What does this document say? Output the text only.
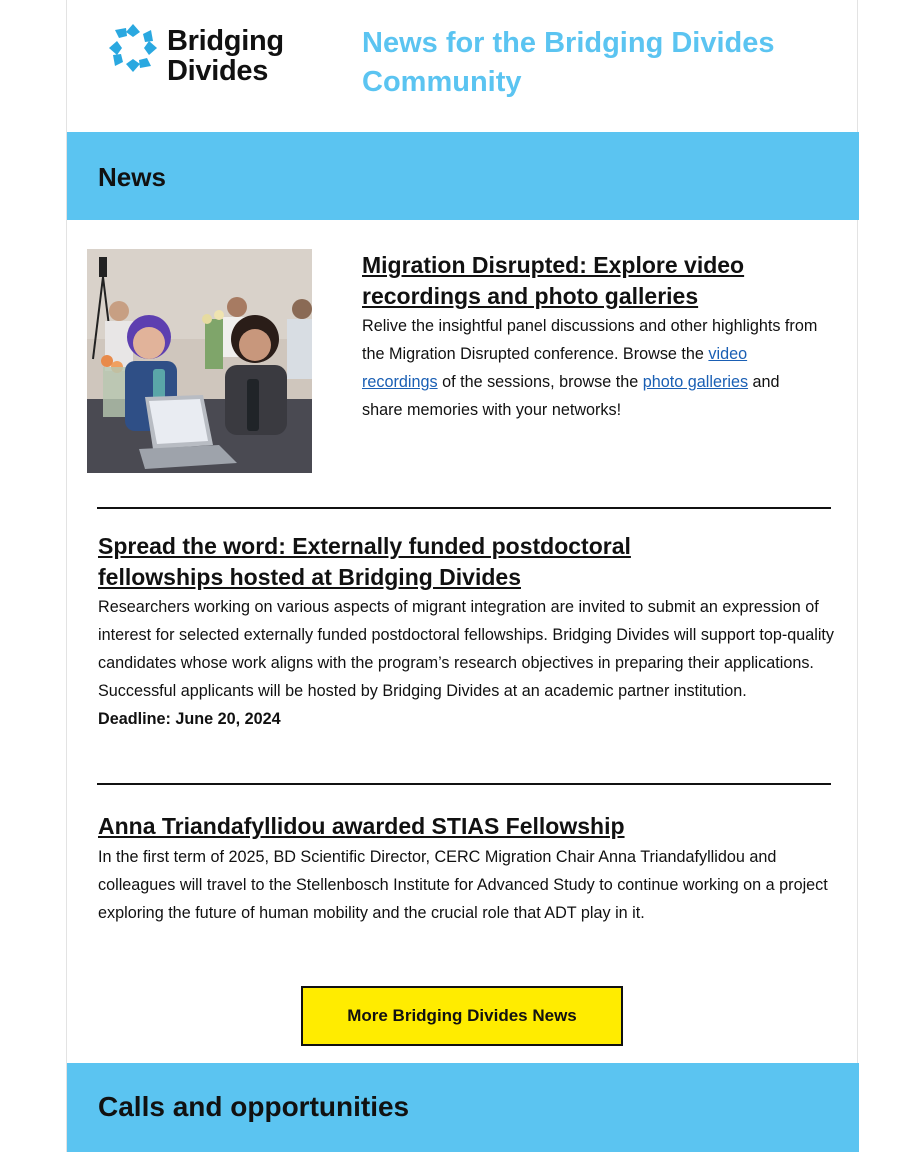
Bridging
Divides
News for the Bridging Divides Community
News
Migration Disrupted: Explore video recordings and photo galleries
Relive the insightful panel discussions and other highlights from the Migration Disrupted conference. Browse the video recordings of the sessions, browse the photo galleries and share memories with your networks!
Spread the word: Externally funded postdoctoral fellowships hosted at Bridging Divides
Researchers working on various aspects of migrant integration are invited to submit an expression of interest for selected externally funded postdoctoral fellowships. Bridging Divides will support top-quality candidates whose work aligns with the program’s research objectives in preparing their applications. Successful applicants will be hosted by Bridging Divides at an academic partner institution.
Deadline: June 20, 2024
Anna Triandafyllidou awarded STIAS Fellowship
In the first term of 2025, BD Scientific Director, CERC Migration Chair Anna Triandafyllidou and colleagues will travel to the Stellenbosch Institute for Advanced Study to continue working on a project exploring the future of human mobility and the crucial role that ADT play in it.
More Bridging Divides News
Calls and opportunities
